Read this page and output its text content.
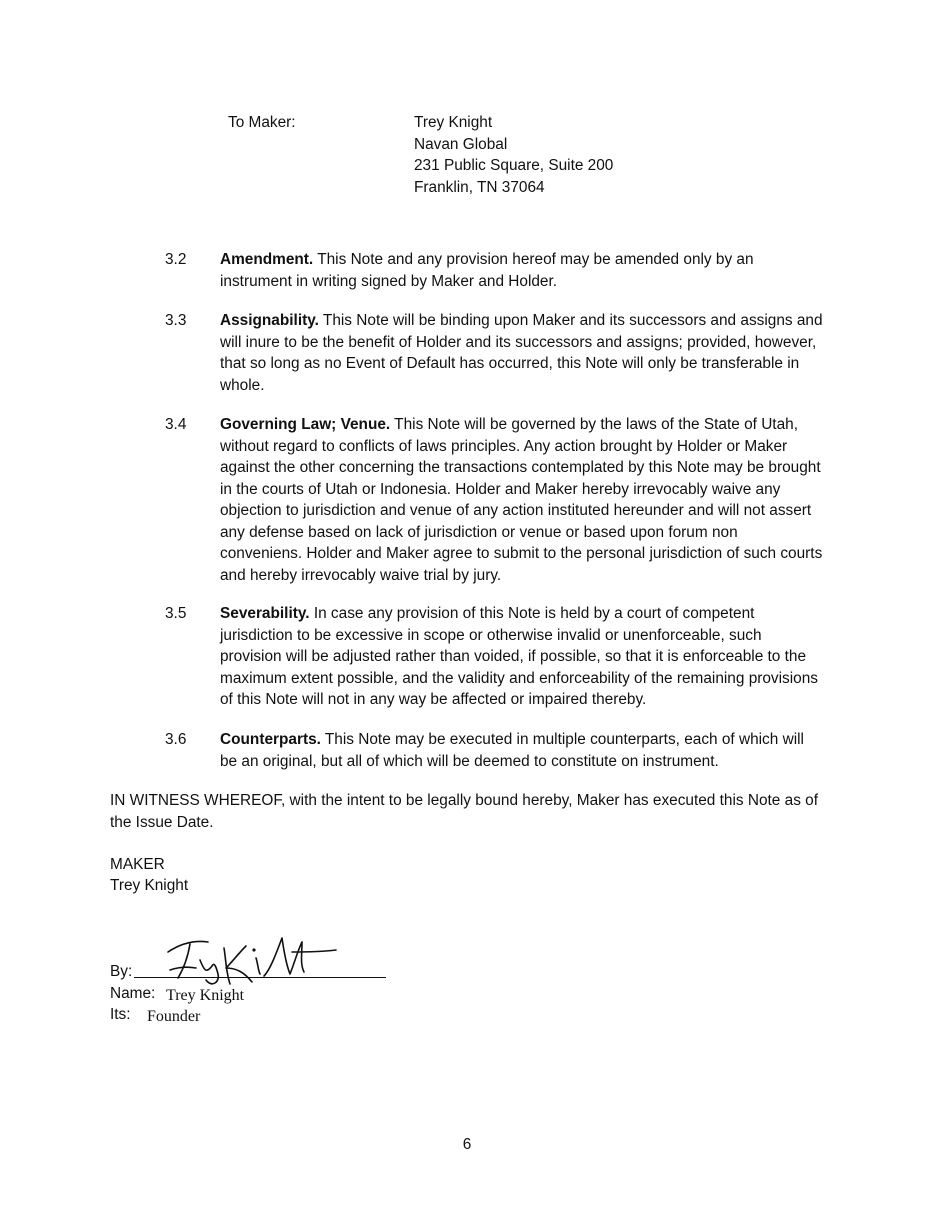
To Maker:	Trey Knight
Navan Global
231 Public Square, Suite 200
Franklin, TN 37064
3.2 Amendment. This Note and any provision hereof may be amended only by an instrument in writing signed by Maker and Holder.
3.3 Assignability. This Note will be binding upon Maker and its successors and assigns and will inure to be the benefit of Holder and its successors and assigns; provided, however, that so long as no Event of Default has occurred, this Note will only be transferable in whole.
3.4 Governing Law; Venue. This Note will be governed by the laws of the State of Utah, without regard to conflicts of laws principles. Any action brought by Holder or Maker against the other concerning the transactions contemplated by this Note may be brought in the courts of Utah or Indonesia. Holder and Maker hereby irrevocably waive any objection to jurisdiction and venue of any action instituted hereunder and will not assert any defense based on lack of jurisdiction or venue or based upon forum non conveniens. Holder and Maker agree to submit to the personal jurisdiction of such courts and hereby irrevocably waive trial by jury.
3.5 Severability. In case any provision of this Note is held by a court of competent jurisdiction to be excessive in scope or otherwise invalid or unenforceable, such provision will be adjusted rather than voided, if possible, so that it is enforceable to the maximum extent possible, and the validity and enforceability of the remaining provisions of this Note will not in any way be affected or impaired thereby.
3.6 Counterparts. This Note may be executed in multiple counterparts, each of which will be an original, but all of which will be deemed to constitute on instrument.
IN WITNESS WHEREOF, with the intent to be legally bound hereby, Maker has executed this Note as of the Issue Date.
MAKER
Trey Knight
By:
Name: Trey Knight
Its: Founder
6
